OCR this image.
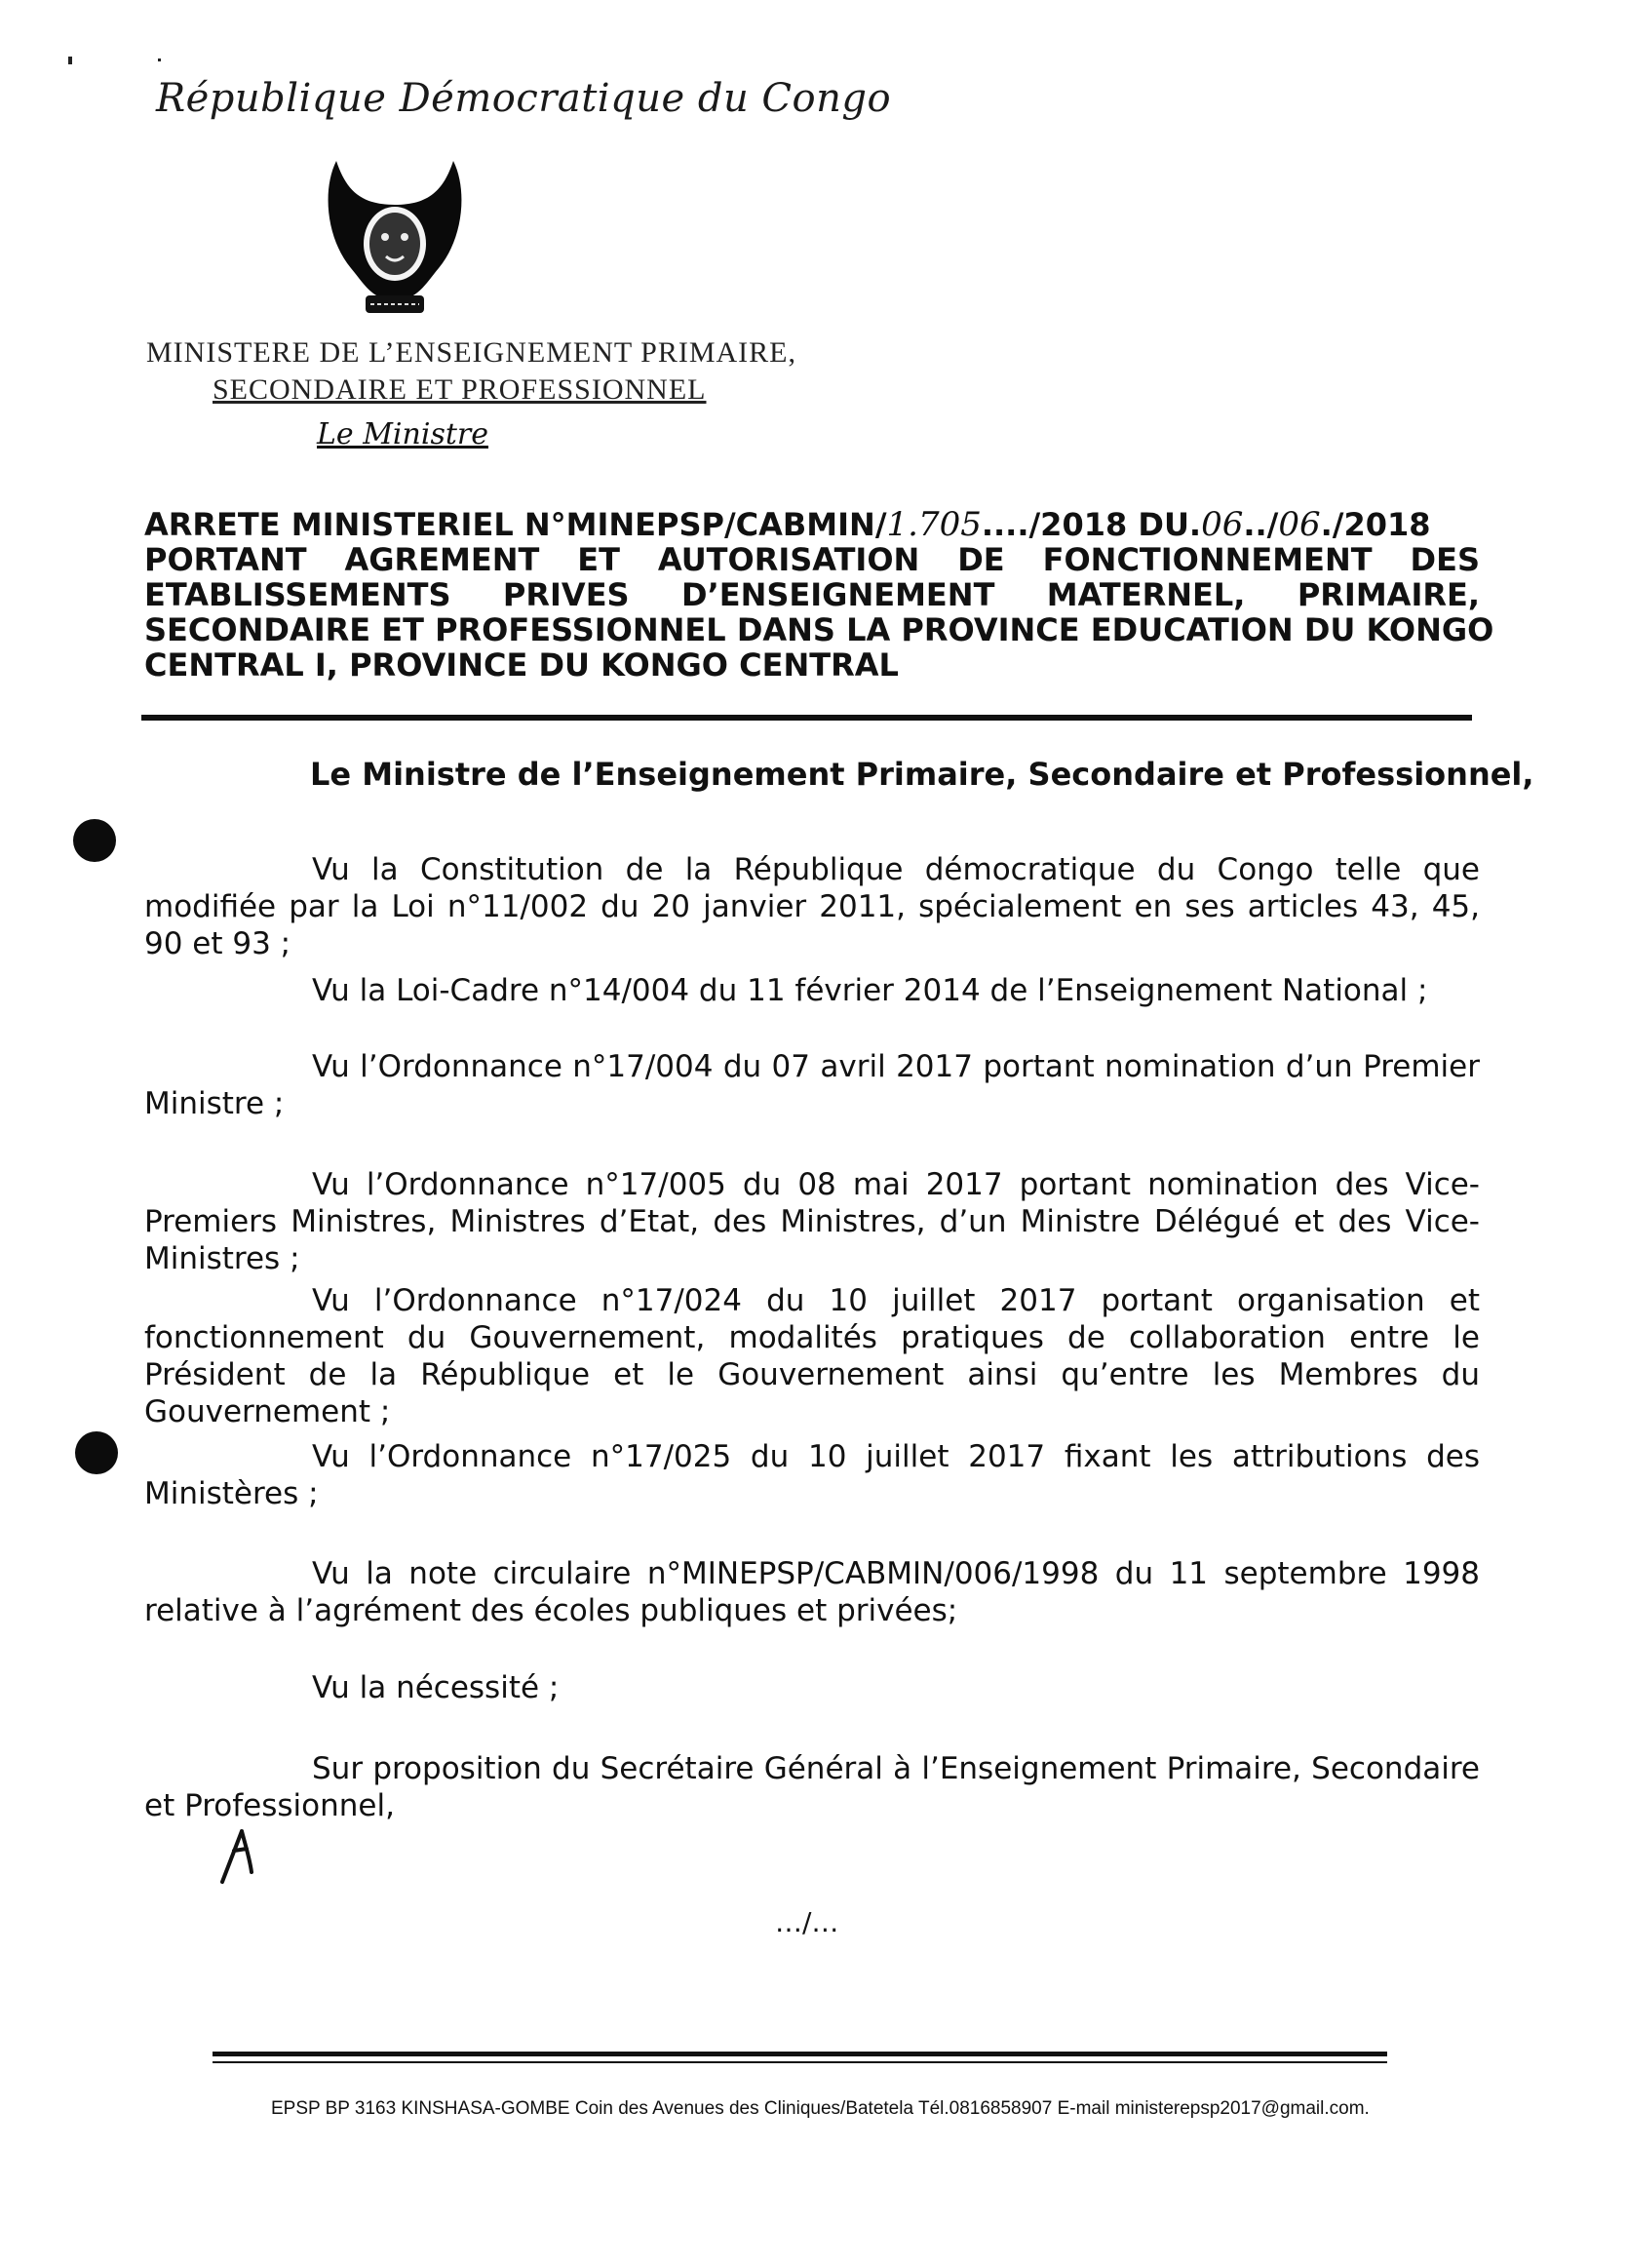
République Démocratique du Congo
MINISTERE DE L’ENSEIGNEMENT PRIMAIRE,
SECONDAIRE ET PROFESSIONNEL
Le Ministre
ARRETE MINISTERIEL N°MINEPSP/CABMIN/1.705..../2018 DU.06../06./2018
PORTANT AGREMENT ET AUTORISATION DE FONCTIONNEMENT DES
ETABLISSEMENTS PRIVES D’ENSEIGNEMENT MATERNEL, PRIMAIRE,
SECONDAIRE ET PROFESSIONNEL DANS LA PROVINCE EDUCATION DU KONGO
CENTRAL I, PROVINCE DU KONGO CENTRAL
Le Ministre de l’Enseignement Primaire, Secondaire et Professionnel,
Vu la Constitution de la République démocratique du Congo telle que modifiée par la Loi n°11/002 du 20 janvier 2011, spécialement en ses articles 43, 45, 90 et 93 ;
Vu la Loi-Cadre n°14/004 du 11 février 2014 de l’Enseignement National ;
Vu l’Ordonnance n°17/004 du 07 avril 2017 portant nomination d’un Premier Ministre ;
Vu l’Ordonnance n°17/005 du 08 mai 2017 portant nomination des Vice-Premiers Ministres, Ministres d’Etat, des Ministres, d’un Ministre Délégué et des Vice-Ministres ;
Vu l’Ordonnance n°17/024 du 10 juillet 2017 portant organisation et fonctionnement du Gouvernement, modalités pratiques de collaboration entre le Président de la République et le Gouvernement ainsi qu’entre les Membres du Gouvernement ;
Vu l’Ordonnance n°17/025 du 10 juillet 2017 fixant les attributions des Ministères ;
Vu la note circulaire n°MINEPSP/CABMIN/006/1998 du 11 septembre 1998 relative à l’agrément des écoles publiques et privées;
Vu la nécessité ;
Sur proposition du Secrétaire Général à l’Enseignement Primaire, Secondaire et Professionnel,
…/…
EPSP BP 3163 KINSHASA-GOMBE Coin des Avenues des Cliniques/Batetela Tél.0816858907 E-mail ministerepsp2017@gmail.com.
